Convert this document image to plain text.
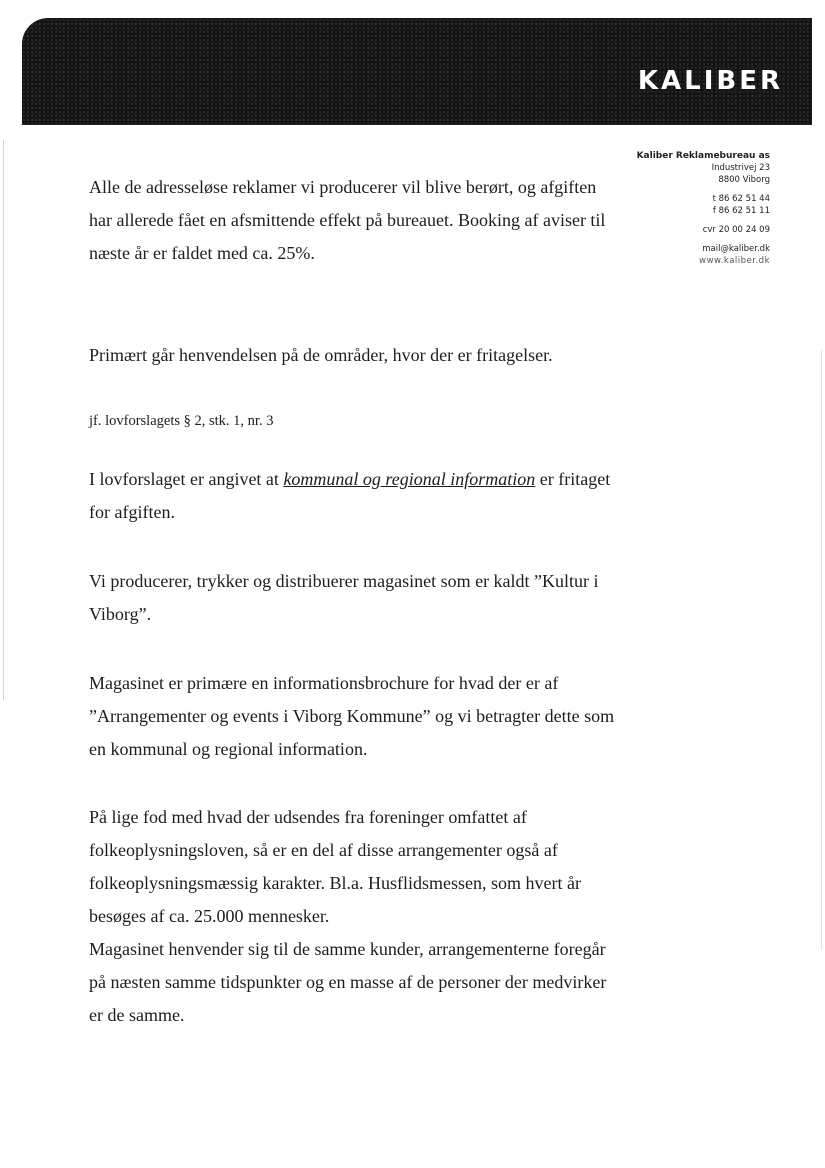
KALIBER
Kaliber Reklamebureau as
Industrivej 23
8800 Viborg
t 86 62 51 44
f 86 62 51 11
cvr 20 00 24 09
mail@kaliber.dk
www.kaliber.dk
Alle de adresseløse reklamer vi producerer vil blive berørt, og afgiften
har allerede fået en afsmittende effekt på bureauet. Booking af aviser til
næste år er faldet med ca. 25%.
Primært går henvendelsen på de områder, hvor der er fritagelser.
jf. lovforslagets § 2, stk. 1, nr. 3
I lovforslaget er angivet at kommunal og regional information er fritaget
for afgiften.
Vi producerer, trykker og distribuerer magasinet som er kaldt ”Kultur i
Viborg”.
Magasinet er primære en informationsbrochure for hvad der er af
”Arrangementer og events i Viborg Kommune” og vi betragter dette som
en kommunal og regional information.
På lige fod med hvad der udsendes fra foreninger omfattet af
folkeoplysningsloven, så er en del af disse arrangementer også af
folkeoplysningsmæssig karakter. Bl.a. Husflidsmessen, som hvert år
besøges af ca. 25.000 mennesker.
Magasinet henvender sig til de samme kunder, arrangementerne foregår
på næsten samme tidspunkter og en masse af de personer der medvirker
er de samme.
